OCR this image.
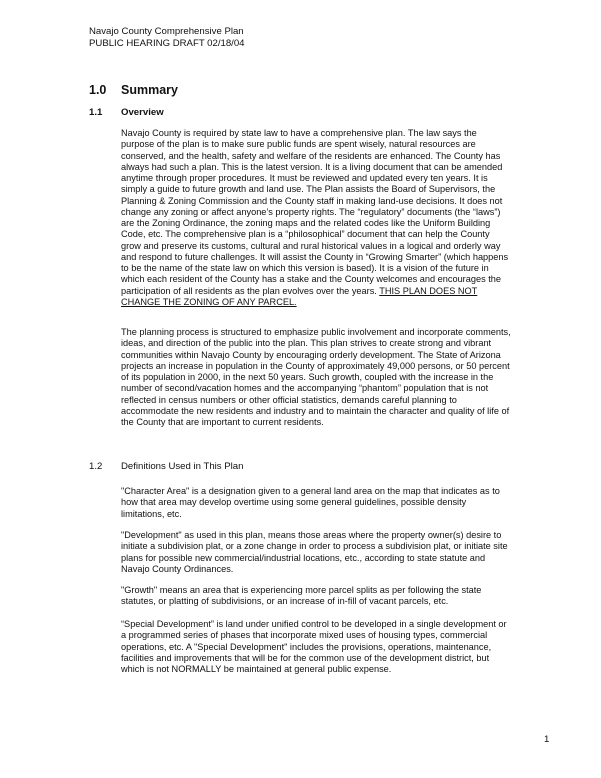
Navajo County Comprehensive Plan
PUBLIC HEARING DRAFT 02/18/04
1.0 Summary
1.1 Overview

Navajo County is required by state law to have a comprehensive plan. The law says the purpose of the plan is to make sure public funds are spent wisely, natural resources are conserved, and the health, safety and welfare of the residents are enhanced. The County has always had such a plan. This is the latest version. It is a living document that can be amended anytime through proper procedures. It must be reviewed and updated every ten years. It is simply a guide to future growth and land use. The Plan assists the Board of Supervisors, the Planning & Zoning Commission and the County staff in making land-use decisions. It does not change any zoning or affect anyone’s property rights. The “regulatory” documents (the “laws”) are the Zoning Ordinance, the zoning maps and the related codes like the Uniform Building Code, etc. The comprehensive plan is a “philosophical” document that can help the County grow and preserve its customs, cultural and rural historical values in a logical and orderly way and respond to future challenges. It will assist the County in “Growing Smarter” (which happens to be the name of the state law on which this version is based). It is a vision of the future in which each resident of the County has a stake and the County welcomes and encourages the participation of all residents as the plan evolves over the years. THIS PLAN DOES NOT CHANGE THE ZONING OF ANY PARCEL.

The planning process is structured to emphasize public involvement and incorporate comments, ideas, and direction of the public into the plan. This plan strives to create strong and vibrant communities within Navajo County by encouraging orderly development. The State of Arizona projects an increase in population in the County of approximately 49,000 persons, or 50 percent of its population in 2000, in the next 50 years. Such growth, coupled with the increase in the number of second/vacation homes and the accompanying “phantom” population that is not reflected in census numbers or other official statistics, demands careful planning to accommodate the new residents and industry and to maintain the character and quality of life of the County that are important to current residents.

1.2 Definitions Used in This Plan

"Character Area" is a designation given to a general land area on the map that indicates as to how that area may develop overtime using some general guidelines, possible density limitations, etc.

"Development" as used in this plan, means those areas where the property owner(s) desire to initiate a subdivision plat, or a zone change in order to process a subdivision plat, or initiate site plans for possible new commercial/industrial locations, etc., according to state statute and Navajo County Ordinances.

"Growth" means an area that is experiencing more parcel splits as per following the state statutes, or platting of subdivisions, or an increase of in-fill of vacant parcels, etc.

“Special Development” is land under unified control to be developed in a single development or a programmed series of phases that incorporate mixed uses of housing types, commercial operations, etc. A "Special Development" includes the provisions, operations, maintenance, facilities and improvements that will be for the common use of the development district, but which is not NORMALLY be maintained at general public expense.

1
